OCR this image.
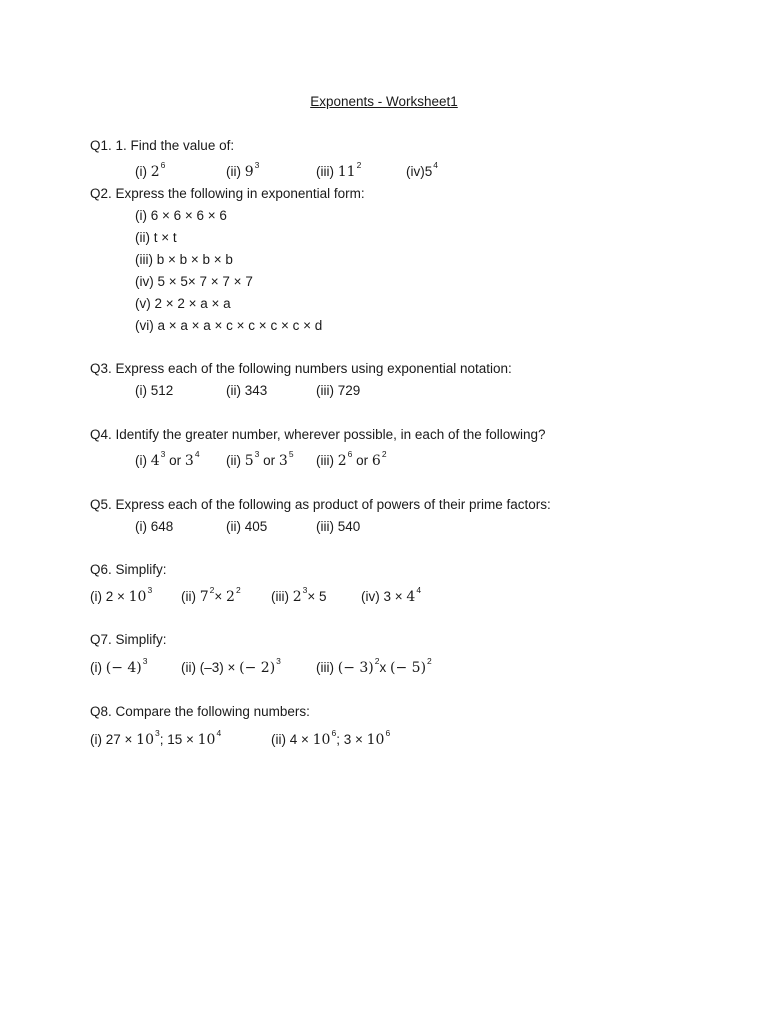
Exponents - Worksheet1
Q1. 1. Find the value of:
(i) $2^6$	(ii) $9^3$	(iii) $11^2$	$(iv)5^4$
Q2. Express the following in exponential form:
(i) 6 × 6 × 6 × 6
(ii) t × t
(iii) b × b × b × b
(iv) 5 × 5× 7 × 7 × 7
(v) 2 × 2 × a × a
(vi) a × a × a × c × c × c × c × d
Q3. Express each of the following numbers using exponential notation:
(i) 512	(ii) 343	(iii) 729
Q4. Identify the greater number, wherever possible, in each of the following?
(i) $4^3$ or $3^4$ (ii) $5^3$ or $3^5$ (iii) $2^6$ or $6^2$
Q5. Express each of the following as product of powers of their prime factors:
(i) 648	(ii) 405	(iii) 540
Q6. Simplify:
(i) $2 \times 10^3$ (ii) $7^2\times 2^2$ (iii) $2^3\times 5$	(iv) $3 \times 4^4$
Q7. Simplify:
(i) (− 4)$^3$ (ii) (–3) × (− 2)$^3$	(iii) (− 3)$^2$x (− 5)$^2$
Q8. Compare the following numbers:
(i) $27 \times 10^3$; $15 \times 10^4$	(ii) $4 \times 10^6$; $3 \times 10^6$
